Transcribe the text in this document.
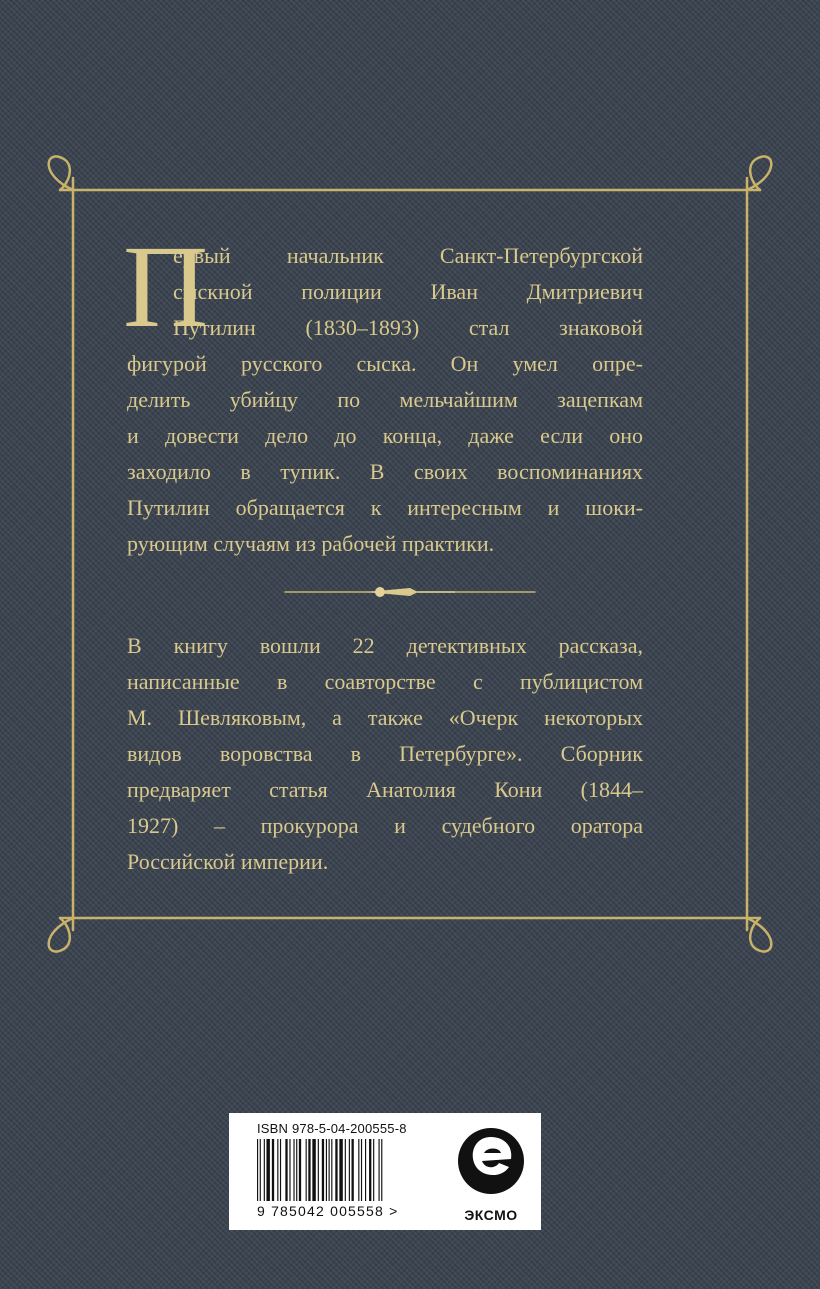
П
ервый начальник Санкт-Петербургской
сыскной полиции Иван Дмитриевич
Путилин (1830–1893) стал знаковой
фигурой русского сыска. Он умел опре-
делить убийцу по мельчайшим зацепкам
и довести дело до конца, даже если оно
заходило в тупик. В своих воспоминаниях
Путилин обращается к интересным и шоки-
рующим случаям из рабочей практики.
В книгу вошли 22 детективных рассказа,
написанные в соавторстве с публицистом
М. Шевляковым, а также «Очерк некоторых
видов воровства в Петербурге». Сборник
предваряет статья Анатолия Кони (1844–
1927) – прокурора и судебного оратора
Российской империи.
ISBN 978-5-04-200555-8
9 785042 005558 >	ЭКСМО
